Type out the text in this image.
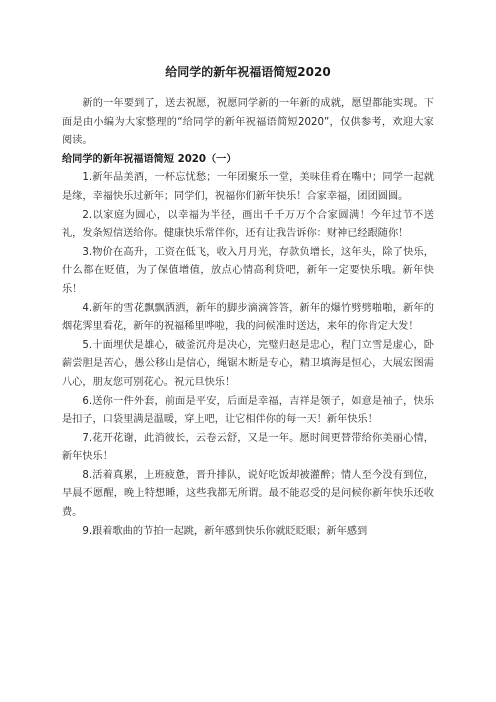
给同学的新年祝福语简短2020

新的一年要到了，送去祝愿，祝愿同学新的一年新的成就，愿望都能实现。下面是由小编为大家整理的“给同学的新年祝福语简短2020”，仅供参考，欢迎大家阅读。

给同学的新年祝福语简短 2020（一）

1.新年品美酒，一杯忘忧愁；一年团聚乐一堂，美味佳肴在嘴中；同学一起就是缘，幸福快乐过新年；同学们，祝福你们新年快乐！合家幸福，团团圆圆。

2.以家庭为圆心，以幸福为半径，画出千千万万个合家圆满！今年过节不送礼，发条短信送给你。健康快乐常伴你，还有让我告诉你：财神已经跟随你！

3.物价在高升，工资在低飞，收入月月光，存款负增长，这年头，除了快乐，什么都在贬值，为了保值增值，放点心情高利贷吧，新年一定要快乐哦。新年快乐！

4.新年的雪花飘飘洒洒，新年的脚步滴滴答答，新年的爆竹劈劈啪啪，新年的烟花霁里看花，新年的祝福稀里哗啦，我的问候准时送达，来年的你肯定大发！

5.十面埋伏是雄心，破釜沉舟是决心，完璧归赵是忠心，程门立雪是虚心，卧薪尝胆是苦心，愚公移山是信心，绳锯木断是专心，精卫填海是恒心，大展宏图需八心，朋友您可别花心。祝元旦快乐！

6.送你一件外套，前面是平安，后面是幸福，吉祥是领子，如意是袖子，快乐是扣子，口袋里满是温暖，穿上吧，让它相伴你的每一天！新年快乐！

7.花开花谢，此消彼长，云卷云舒，又是一年。愿时间更替带给你美丽心情，新年快乐！

8.活着真累，上班疲惫，晋升排队，说好吃饭却被灌醉；情人至今没有到位，早晨不愿醒，晚上特想睡，这些我都无所谓。最不能忍受的是问候你新年快乐还收费。

9.跟着歌曲的节拍一起跳，新年感到快乐你就眨眨眼；新年感到
